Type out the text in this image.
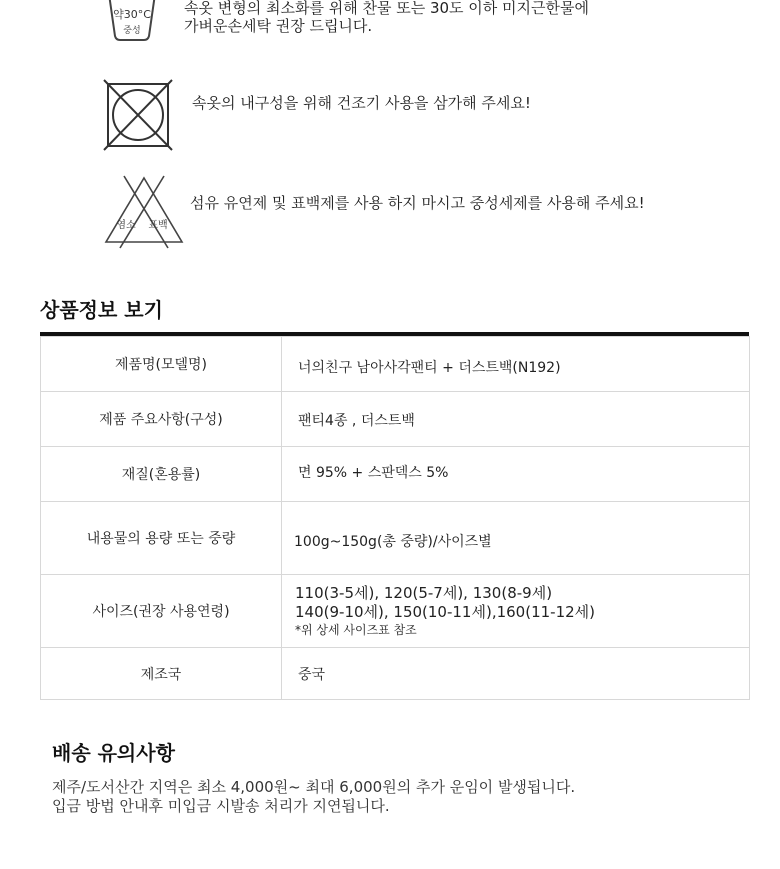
약30°C
중성
속옷 변형의 최소화를 위해 찬물 또는 30도 이하 미지근한물에
가벼운손세탁 권장 드립니다.
속옷의 내구성을 위해 건조기 사용을 삼가해 주세요!
염소 표백
섬유 유연제 및 표백제를 사용 하지 마시고 중성세제를 사용해 주세요!
상품정보 보기
제품명(모델명)	너의친구 남아사각팬티 + 더스트백(N192)
제품 주요사항(구성)	팬티4종 , 더스트백
재질(혼용률)	면 95% + 스판덱스 5%
내용물의 용량 또는 중량	100g~150g(총 중량)/사이즈별
사이즈(권장 사용연령)	110(3-5세), 120(5-7세), 130(8-9세)
140(9-10세), 150(10-11세),160(11-12세)
*위 상세 사이즈표 참조

제조국	중국
배송 유의사항
제주/도서산간 지역은 최소 4,000원~ 최대 6,000원의 추가 운임이 발생됩니다.
입금 방법 안내후 미입금 시발송 처리가 지연됩니다.
